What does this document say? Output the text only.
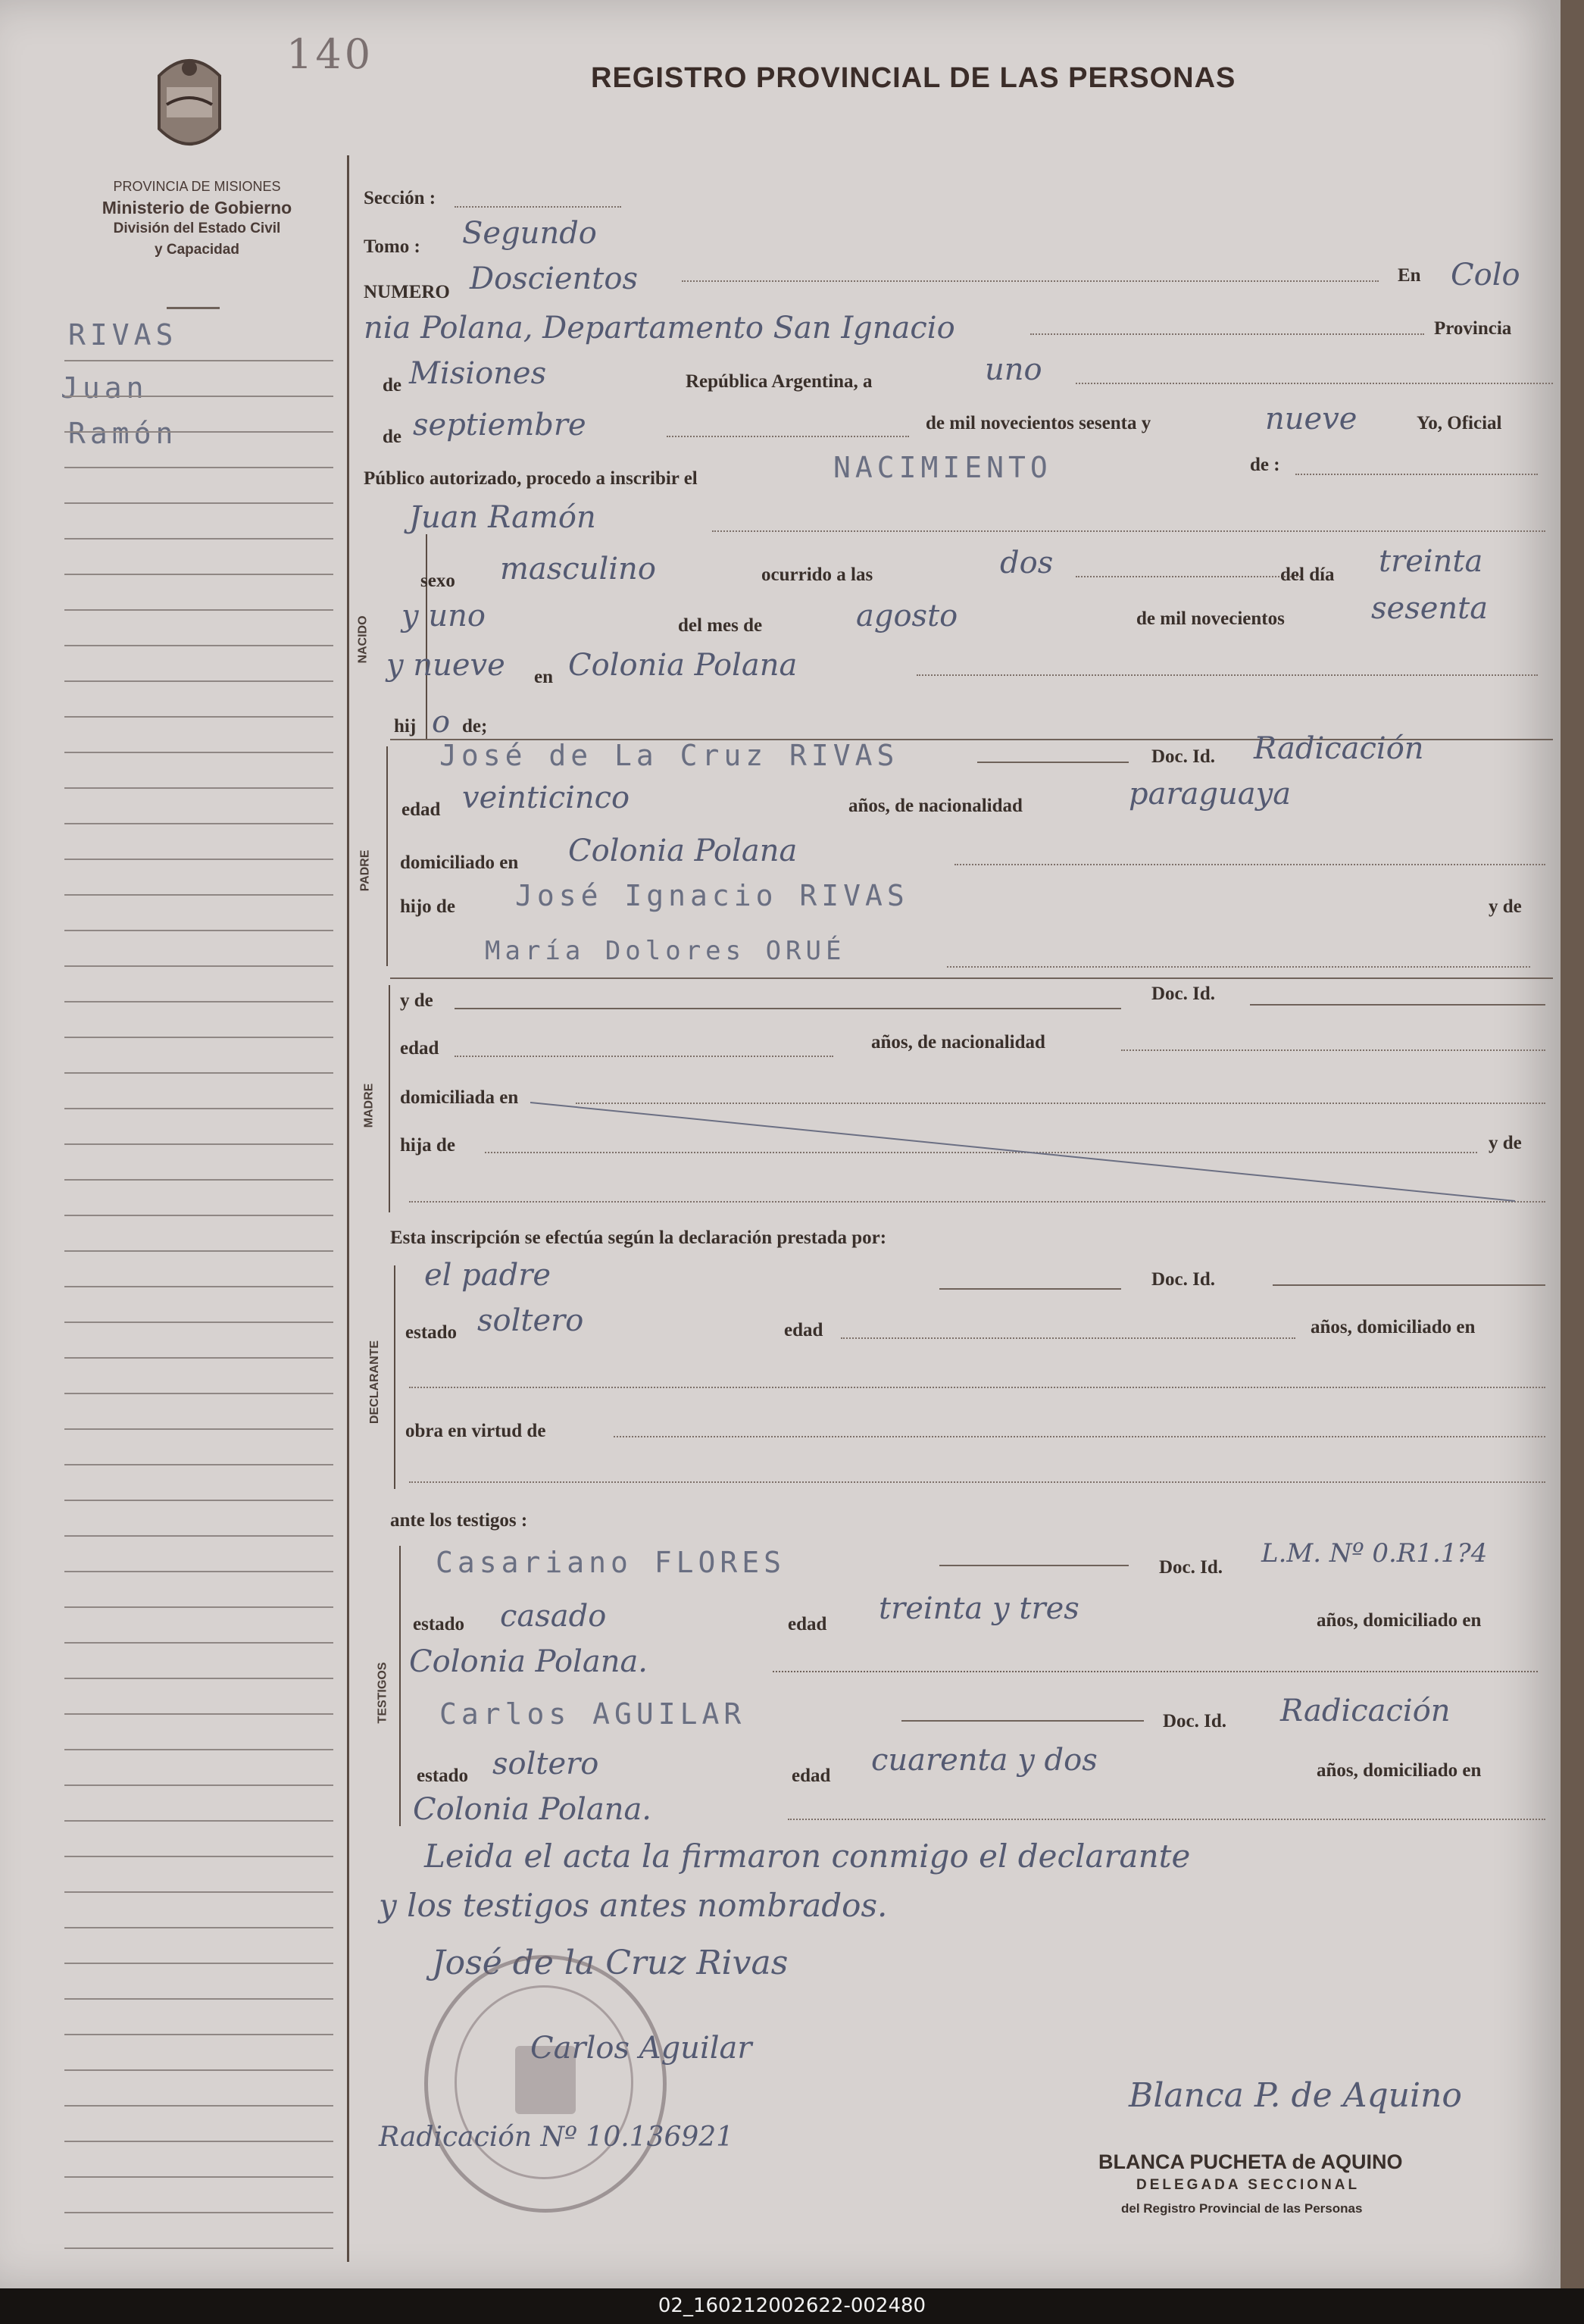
140	REGISTRO PROVINCIAL DE LAS PERSONAS
PROVINCIA DE MISIONES
Ministerio de Gobierno
División del Estado Civil
y Capacidad
RIVAS
Juan
Ramón
Sección :
Tomo : Segundo
NUMERO Doscientos	En Colo
nia Polana, Departamento San Ignacio	Provincia
de Misiones	República Argentina, a	uno
de septiembre	de mil novecientos sesenta y	nueve	Yo, Oficial
Público autorizado, procedo a inscribir el	NACIMIENTO	de :
Juan Ramón
NACIDO
sexo masculino	ocurrido a las	dos	del día treinta
y uno	del mes de	agosto	de mil novecientos	sesenta
y nueve en Colonia Polana
hij o de;
PADRE
José de La Cruz RIVAS	Doc. Id. Radicación
edad veinticinco	años, de nacionalidad	paraguaya
domiciliado en Colonia Polana
hijo de José Ignacio RIVAS	y de
María Dolores ORUÉ
MADRE
y de	Doc. Id.
edad	años, de nacionalidad
domiciliada en
hija de	y de
Esta inscripción se efectúa según la declaración prestada por:
DECLARANTE
el padre	Doc. Id.
estado soltero	edad	años, domiciliado en
obra en virtud de
ante los testigos :
TESTIGOS
Casariano FLORES	Doc. Id. L.M. Nº 0.R1.1?4
estado casado	edad treinta y tres	años, domiciliado en
Colonia Polana.
Carlos AGUILAR	Doc. Id. Radicación
estado soltero	edad cuarenta y dos	años, domiciliado en
Colonia Polana.
Leida el acta la firmaron conmigo el declarante
y los testigos antes nombrados.
José de la Cruz Rivas
Carlos Aguilar
Blanca P. de Aquino
Radicación Nº 10.136921
BLANCA PUCHETA de AQUINO
DELEGADA SECCIONAL
del Registro Provincial de las Personas
02_160212002622-002480
